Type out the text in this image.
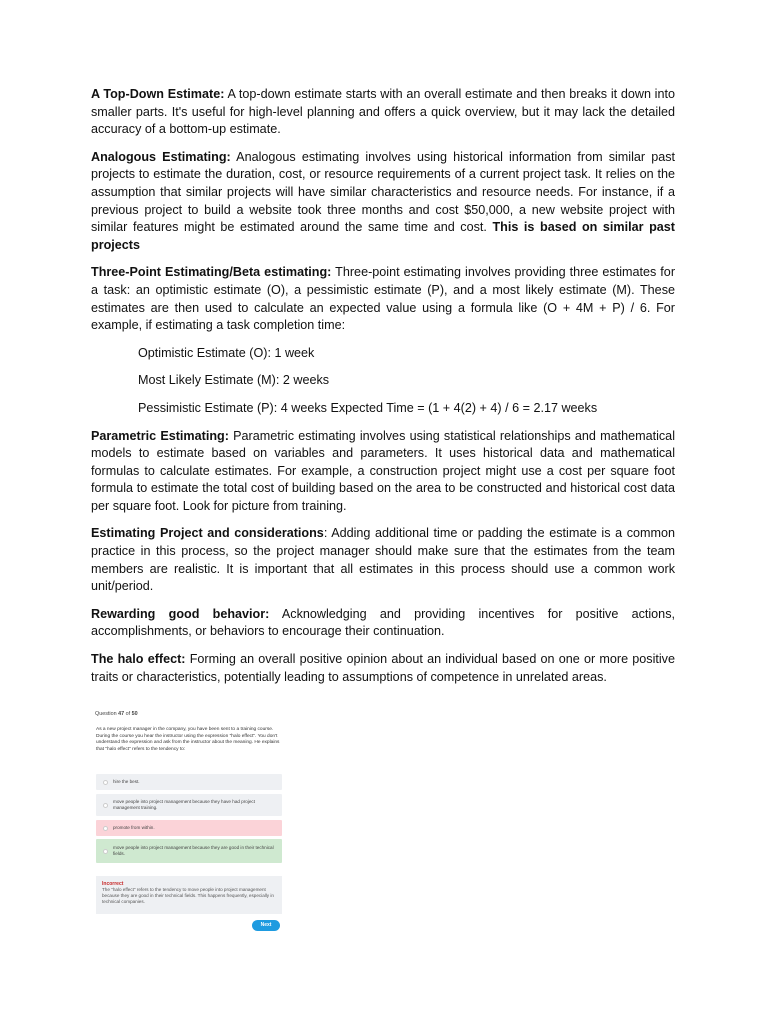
A Top-Down Estimate: A top-down estimate starts with an overall estimate and then breaks it down into smaller parts. It's useful for high-level planning and offers a quick overview, but it may lack the detailed accuracy of a bottom-up estimate.

Analogous Estimating: Analogous estimating involves using historical information from similar past projects to estimate the duration, cost, or resource requirements of a current project task. It relies on the assumption that similar projects will have similar characteristics and resource needs. For instance, if a previous project to build a website took three months and cost $50,000, a new website project with similar features might be estimated around the same time and cost. This is based on similar past projects

Three-Point Estimating/Beta estimating: Three-point estimating involves providing three estimates for a task: an optimistic estimate (O), a pessimistic estimate (P), and a most likely estimate (M). These estimates are then used to calculate an expected value using a formula like (O + 4M + P) / 6. For example, if estimating a task completion time:

Optimistic Estimate (O): 1 week

Most Likely Estimate (M): 2 weeks

Pessimistic Estimate (P): 4 weeks Expected Time = (1 + 4(2) + 4) / 6 = 2.17 weeks

Parametric Estimating: Parametric estimating involves using statistical relationships and mathematical models to estimate based on variables and parameters. It uses historical data and mathematical formulas to calculate estimates. For example, a construction project might use a cost per square foot formula to estimate the total cost of building based on the area to be constructed and historical cost data per square foot. Look for picture from training.

Estimating Project and considerations: Adding additional time or padding the estimate is a common practice in this process, so the project manager should make sure that the estimates from the team members are realistic. It is important that all estimates in this process should use a common work unit/period.

Rewarding good behavior: Acknowledging and providing incentives for positive actions, accomplishments, or behaviors to encourage their continuation.

The halo effect: Forming an overall positive opinion about an individual based on one or more positive traits or characteristics, potentially leading to assumptions of competence in unrelated areas.

Question 47 of 50
As a new project manager in the company, you have been sent to a training course. During the course you hear the instructor using the expression "halo effect". You don't understand the expression and ask from the instructor about the meaning. He explains that "halo effect" refers to the tendency to:
hire the best.
move people into project management because they have had project management training.
promote from within.
move people into project management because they are good in their technical fields.
Incorrect
The "halo effect" refers to the tendency to move people into project management because they are good in their technical fields. This happens frequently, especially in technical companies.
Next
